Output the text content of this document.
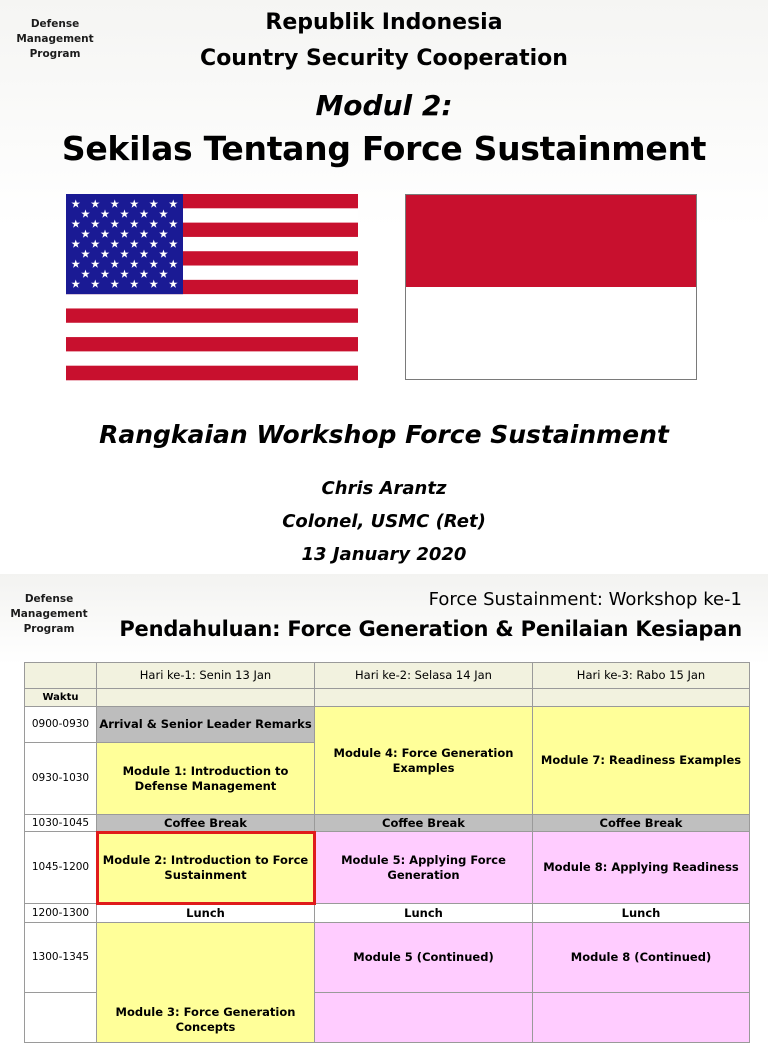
Defense
Management
Program
Republik Indonesia
Country Security Cooperation
Modul 2:
Sekilas Tentang Force Sustainment
Rangkaian Workshop Force Sustainment
Chris Arantz
Colonel, USMC (Ret)
13 January 2020
Defense
Management
Program
Force Sustainment: Workshop ke-1
Pendahuluan: Force Generation & Penilaian Kesiapan
	Hari ke-1: Senin 13 Jan	Hari ke-2: Selasa 14 Jan	Hari ke-3: Rabo 15 Jan
Waktu			
0900-0930	Arrival & Senior Leader Remarks	Module 4: Force Generation Examples	Module 7: Readiness Examples
0930-1030	Module 1: Introduction to Defense Management		
1030-1045	Coffee Break	Coffee Break	Coffee Break
1045-1200	Module 2: Introduction to Force Sustainment	Module 5: Applying Force Generation	Module 8: Applying Readiness
1200-1300	Lunch	Lunch	Lunch
1300-1345	Module 3: Force Generation Concepts	Module 5 (Continued)	Module 8 (Continued)
